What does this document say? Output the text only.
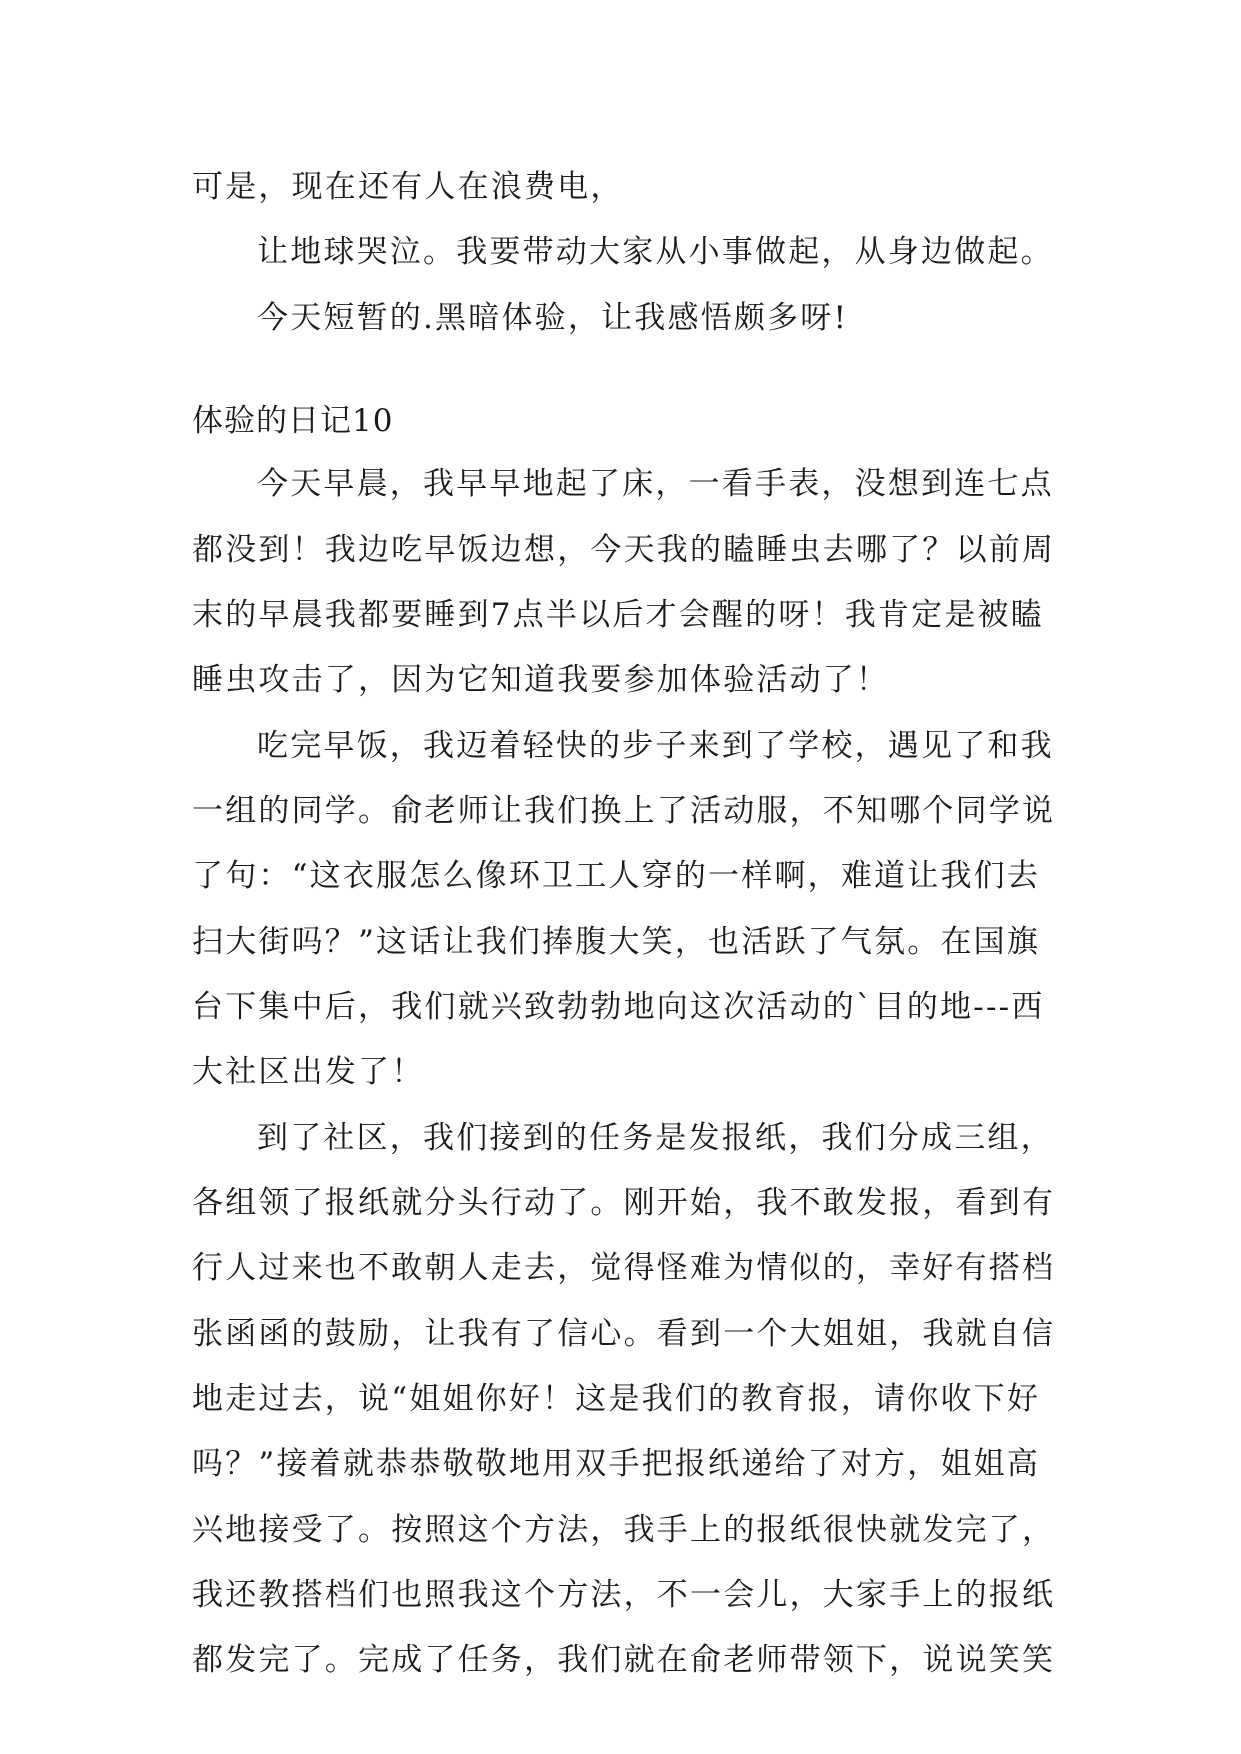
可是，现在还有人在浪费电，
让地球哭泣。我要带动大家从小事做起，从身边做起。
今天短暂的.黑暗体验，让我感悟颇多呀!
体验的日记10
今天早晨，我早早地起了床，一看手表，没想到连七点
都没到！我边吃早饭边想，今天我的瞌睡虫去哪了？以前周
末的早晨我都要睡到7点半以后才会醒的呀！我肯定是被瞌
睡虫攻击了，因为它知道我要参加体验活动了！
吃完早饭，我迈着轻快的步子来到了学校，遇见了和我
一组的同学。俞老师让我们换上了活动服，不知哪个同学说
了句：“这衣服怎么像环卫工人穿的一样啊，难道让我们去
扫大街吗？”这话让我们捧腹大笑，也活跃了气氛。在国旗
台下集中后，我们就兴致勃勃地向这次活动的`目的地---西
大社区出发了！
到了社区，我们接到的任务是发报纸，我们分成三组，
各组领了报纸就分头行动了。刚开始，我不敢发报，看到有
行人过来也不敢朝人走去，觉得怪难为情似的，幸好有搭档
张函函的鼓励，让我有了信心。看到一个大姐姐，我就自信
地走过去，说“姐姐你好！这是我们的教育报，请你收下好
吗？”接着就恭恭敬敬地用双手把报纸递给了对方，姐姐高
兴地接受了。按照这个方法，我手上的报纸很快就发完了，
我还教搭档们也照我这个方法，不一会儿，大家手上的报纸
都发完了。完成了任务，我们就在俞老师带领下，说说笑笑
